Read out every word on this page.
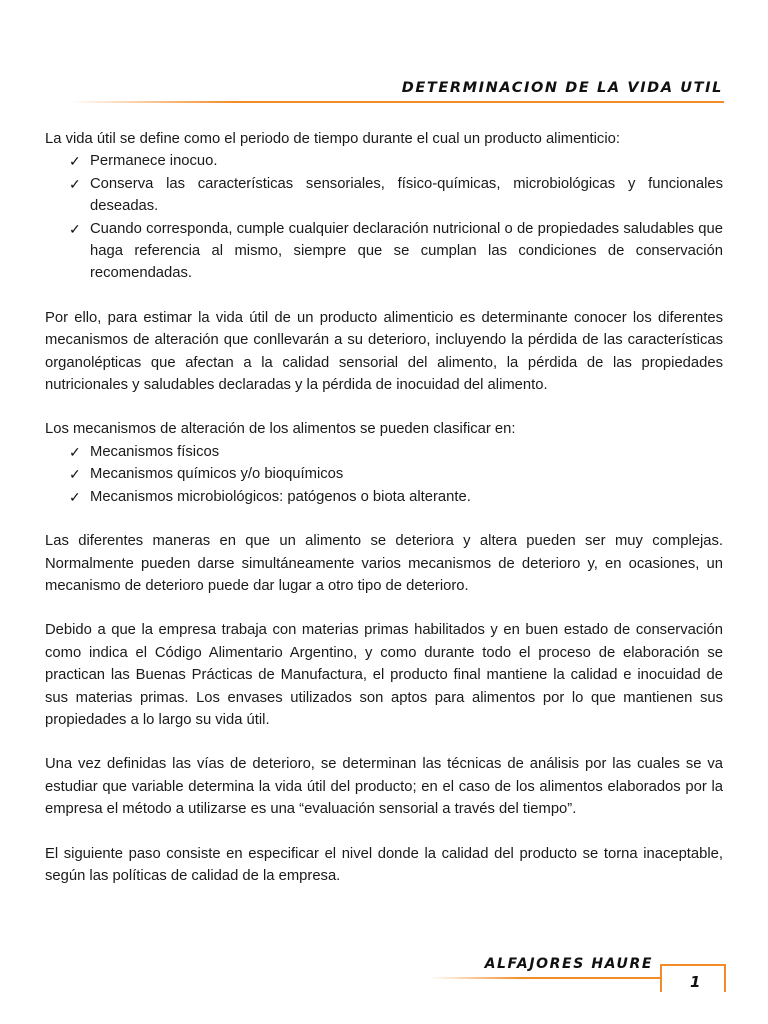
DETERMINACION DE LA VIDA UTIL

La vida útil se define como el periodo de tiempo durante el cual un producto alimenticio:

✓ Permanece inocuo.
✓ Conserva las características sensoriales, físico-químicas, microbiológicas y funcionales deseadas.
✓ Cuando corresponda, cumple cualquier declaración nutricional o de propiedades saludables que haga referencia al mismo, siempre que se cumplan las condiciones de conservación recomendadas.

Por ello, para estimar la vida útil de un producto alimenticio es determinante conocer los diferentes mecanismos de alteración que conllevarán a su deterioro, incluyendo la pérdida de las características organolépticas que afectan a la calidad sensorial del alimento, la pérdida de las propiedades nutricionales y saludables declaradas y la pérdida de inocuidad del alimento.

Los mecanismos de alteración de los alimentos se pueden clasificar en:

✓ Mecanismos físicos
✓ Mecanismos químicos y/o bioquímicos
✓ Mecanismos microbiológicos: patógenos o biota alterante.

Las diferentes maneras en que un alimento se deteriora y altera pueden ser muy complejas. Normalmente pueden darse simultáneamente varios mecanismos de deterioro y, en ocasiones, un mecanismo de deterioro puede dar lugar a otro tipo de deterioro.

Debido a que la empresa trabaja con materias primas habilitados y en buen estado de conservación como indica el Código Alimentario Argentino, y como durante todo el proceso de elaboración se practican las Buenas Prácticas de Manufactura, el producto final mantiene la calidad e inocuidad de sus materias primas. Los envases utilizados son aptos para alimentos por lo que mantienen sus propiedades a lo largo su vida útil.

Una vez definidas las vías de deterioro, se determinan las técnicas de análisis por las cuales se va estudiar que variable determina la vida útil del producto; en el caso de los alimentos elaborados por la empresa el método a utilizarse es una “evaluación sensorial a través del tiempo”.

El siguiente paso consiste en especificar el nivel donde la calidad del producto se torna inaceptable, según las políticas de calidad de la empresa.

ALFAJORES HAURE
1
